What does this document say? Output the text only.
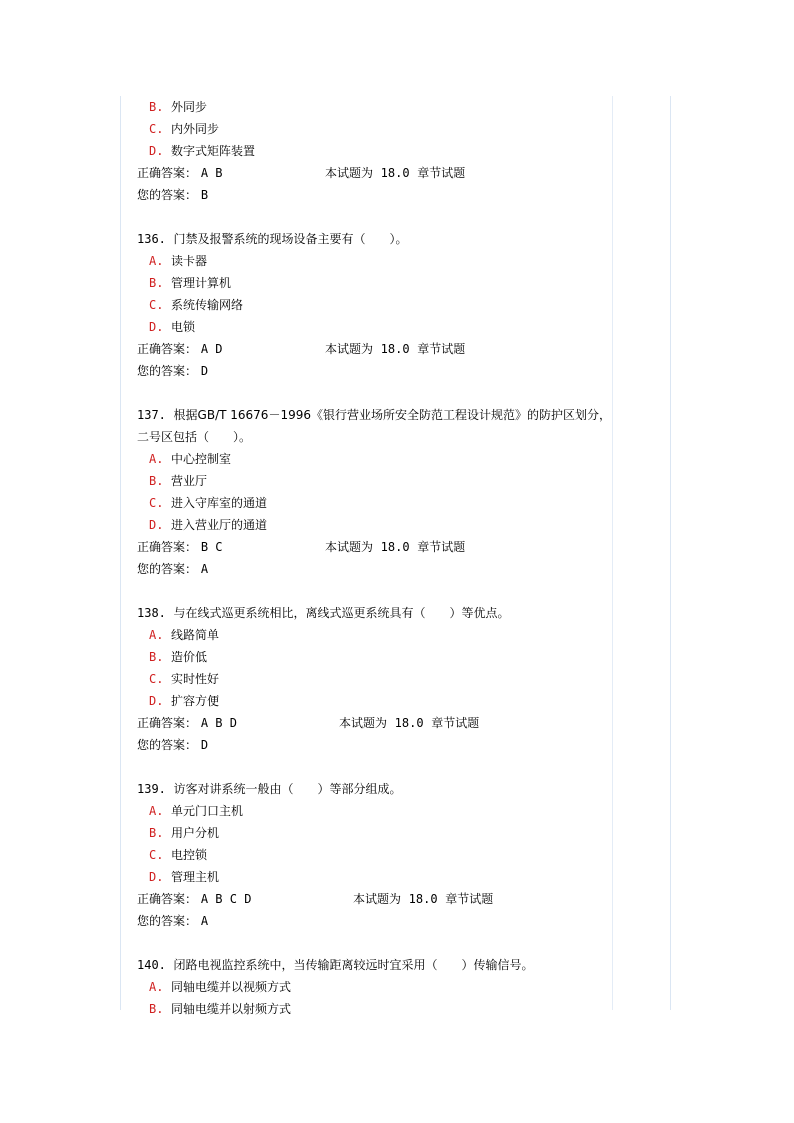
B. 外同步
C. 内外同步
D. 数字式矩阵装置
正确答案： A B	本试题为 18.0 章节试题
您的答案： B
136. 门禁及报警系统的现场设备主要有（　　）。
A. 读卡器
B. 管理计算机
C. 系统传输网络
D. 电锁
正确答案： A D	本试题为 18.0 章节试题
您的答案： D
137. 根据GB/T 16676－1996《银行营业场所安全防范工程设计规范》的防护区划分，二号区包括（　　）。
A. 中心控制室
B. 营业厅
C. 进入守库室的通道
D. 进入营业厅的通道
正确答案： B C	本试题为 18.0 章节试题
您的答案： A
138. 与在线式巡更系统相比，离线式巡更系统具有（　　）等优点。
A. 线路简单
B. 造价低
C. 实时性好
D. 扩容方便
正确答案： A B D	本试题为 18.0 章节试题
您的答案： D
139. 访客对讲系统一般由（　　）等部分组成。
A. 单元门口主机
B. 用户分机
C. 电控锁
D. 管理主机
正确答案： A B C D	本试题为 18.0 章节试题
您的答案： A
140. 闭路电视监控系统中，当传输距离较远时宜采用（　　）传输信号。
A. 同轴电缆并以视频方式
B. 同轴电缆并以射频方式
